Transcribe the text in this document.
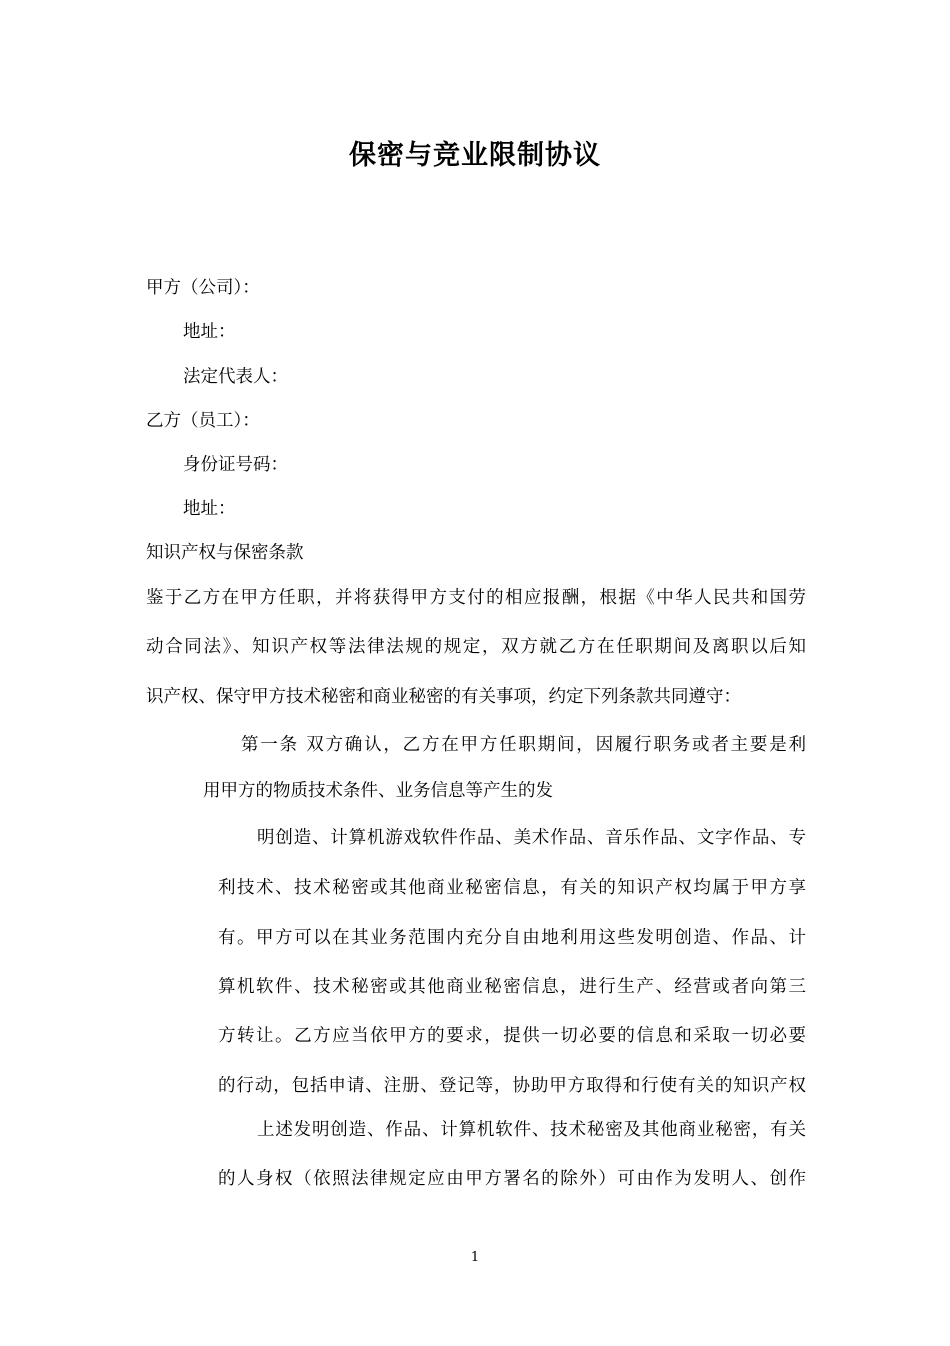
保密与竞业限制协议
甲方（公司）：
地址：
法定代表人：
乙方（员工）：
身份证号码：
地址：
知识产权与保密条款
鉴于乙方在甲方任职，并将获得甲方支付的相应报酬，根据《中华人民共和国劳
动合同法》、知识产权等法律法规的规定，双方就乙方在任职期间及离职以后知
识产权、保守甲方技术秘密和商业秘密的有关事项，约定下列条款共同遵守：
第一条 双方确认，乙方在甲方任职期间，因履行职务或者主要是利
用甲方的物质技术条件、业务信息等产生的发
明创造、计算机游戏软件作品、美术作品、音乐作品、文字作品、专
利技术、技术秘密或其他商业秘密信息，有关的知识产权均属于甲方享
有。甲方可以在其业务范围内充分自由地利用这些发明创造、作品、计
算机软件、技术秘密或其他商业秘密信息，进行生产、经营或者向第三
方转让。乙方应当依甲方的要求，提供一切必要的信息和采取一切必要
的行动，包括申请、注册、登记等，协助甲方取得和行使有关的知识产权
上述发明创造、作品、计算机软件、技术秘密及其他商业秘密，有关
的人身权（依照法律规定应由甲方署名的除外）可由作为发明人、创作
1
